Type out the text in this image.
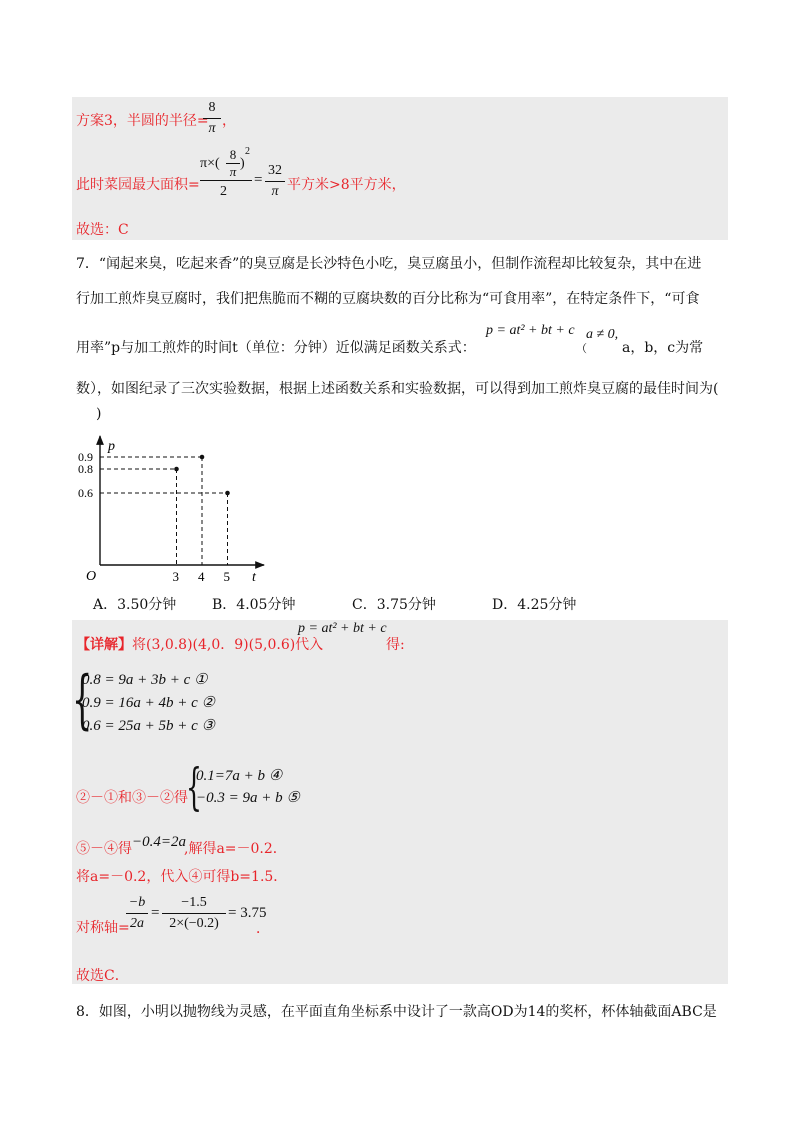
方案3，半圆的半径=
8
π ，
此时菜园最大面积=
π×(
8
π
)
2
2
=
32
π 平方米>8平方米，
故选：C
7．“闻起来臭，吃起来香”的臭豆腐是长沙特色小吃，臭豆腐虽小，但制作流程却比较复杂，其中在进
行加工煎炸臭豆腐时，我们把焦脆而不糊的豆腐块数的百分比称为“可食用率”，在特定条件下，“可食
用率”p与加工煎炸的时间t（单位：分钟）近似满足函数关系式：
p = at² + bt + c
（
a ≠ 0,
a，b，c为常
数），如图纪录了三次实验数据，根据上述函数关系和实验数据，可以得到加工煎炸臭豆腐的最佳时间为(
)
3 4 5
0.9
0.8
0.6
p
t
O
A．3.50分钟	B．4.05分钟	C．3.75分钟	D．4.25分钟
【详解】 将(3,0.8)(4,0．9)(5,0.6)代入
p = at² + bt + c
得:
{
0.8 = 9a + 3b + c ①
0.9 = 16a + 4b + c ②
0.6 = 25a + 5b + c ③
②－①和③－②得
{
0.1=7a + b ④
−0.3 = 9a + b ⑤
⑤－④得 −0.4=2a
,解得a=－0.2．
将a=－0.2，代入④可得b=1.5．
对称轴=
−b
2a
=
−1.5
2×(−0.2)
= 3.75
．
故选C．
8．如图，小明以抛物线为灵感，在平面直角坐标系中设计了一款高OD为14的奖杯，杯体轴截面ABC是
